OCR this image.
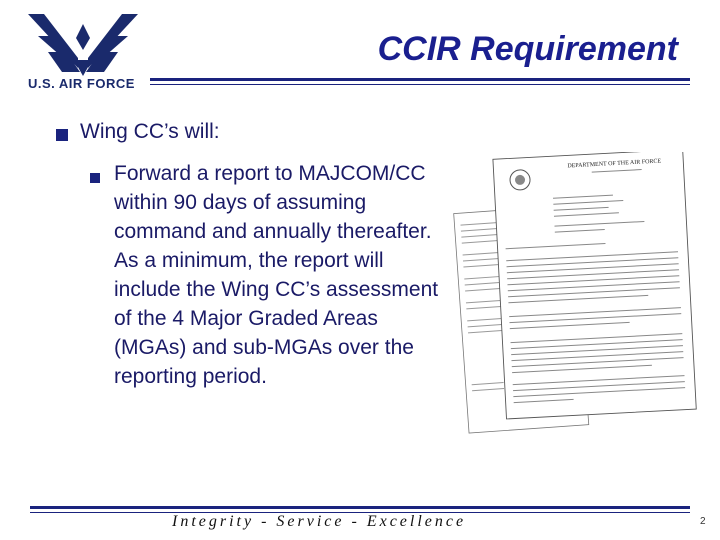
U.S. AIR FORCE
CCIR Requirement
Wing CC’s will:
Forward a report to MAJCOM/CC within 90 days of assuming command and annually thereafter. As a minimum, the report will include the Wing CC’s assessment of the 4 Major Graded Areas (MGAs) and sub-MGAs over the reporting period.
DEPARTMENT OF THE AIR FORCE
Integrity - Service - Excellence	2
